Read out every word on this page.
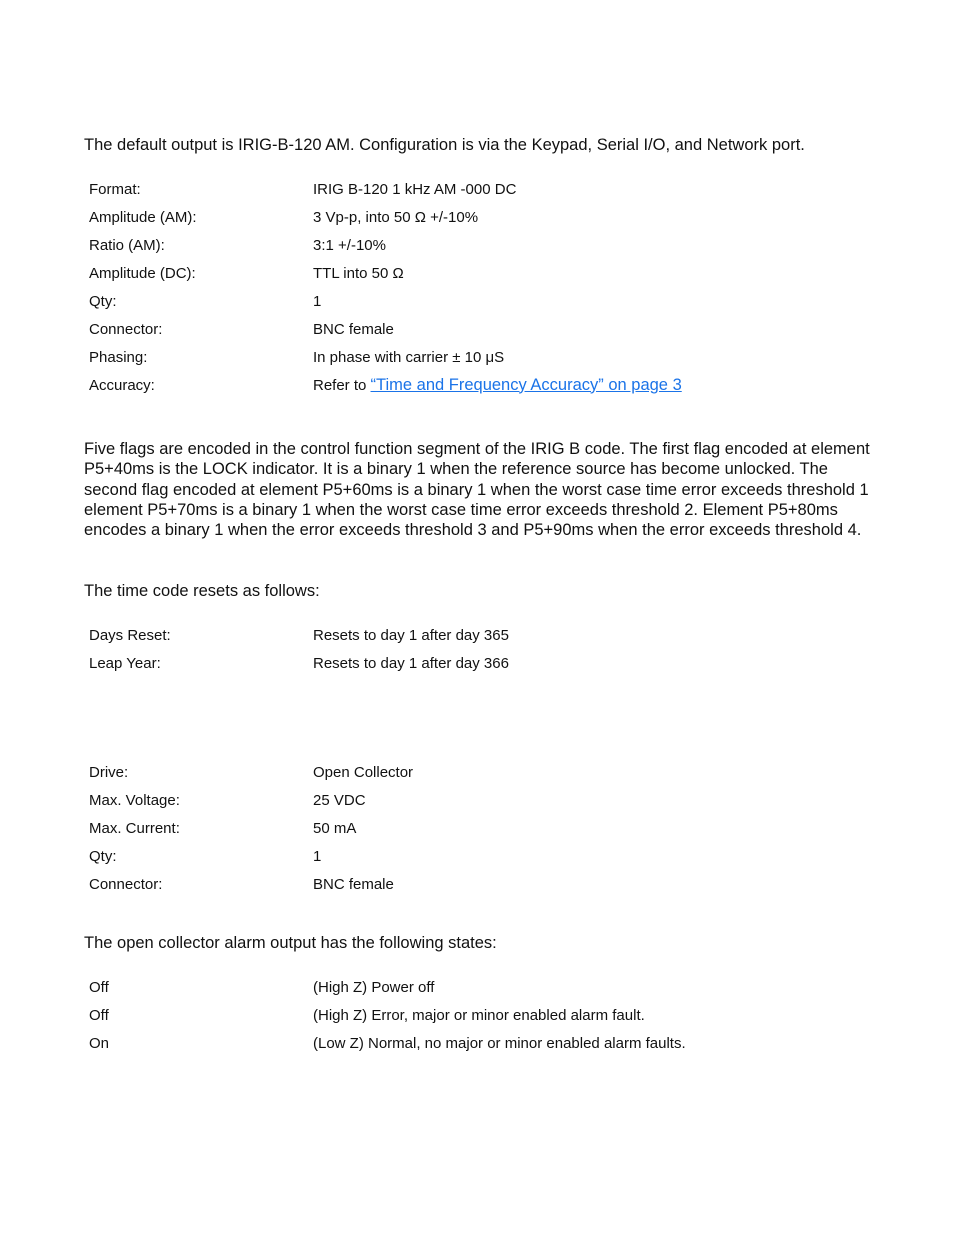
The default output is IRIG-B-120 AM. Configuration is via the Keypad, Serial I/O, and Network port.

Format:	IRIG B-120 1 kHz AM -000 DC
Amplitude (AM):	3 Vp-p, into 50 Ω +/-10%
Ratio (AM):	3:1 +/-10%
Amplitude (DC):	TTL into 50 Ω
Qty:	1
Connector:	BNC female
Phasing:	In phase with carrier ± 10 μS
Accuracy:	Refer to “Time and Frequency Accuracy” on page 3

Five flags are encoded in the control function segment of the IRIG B code. The first flag encoded at element P5+40ms is the LOCK indicator. It is a binary 1 when the reference source has become unlocked. The second flag encoded at element P5+60ms is a binary 1 when the worst case time error exceeds threshold 1 element P5+70ms is a binary 1 when the worst case time error exceeds threshold 2. Element P5+80ms encodes a binary 1 when the error exceeds threshold 3 and P5+90ms when the error exceeds threshold 4.

The time code resets as follows:

Days Reset:	Resets to day 1 after day 365
Leap Year:	Resets to day 1 after day 366
Drive:	Open Collector
Max. Voltage:	25 VDC
Max. Current:	50 mA
Qty:	1
Connector:	BNC female

The open collector alarm output has the following states:

Off	(High Z) Power off
Off	(High Z) Error, major or minor enabled alarm fault.
On	(Low Z) Normal, no major or minor enabled alarm faults.
